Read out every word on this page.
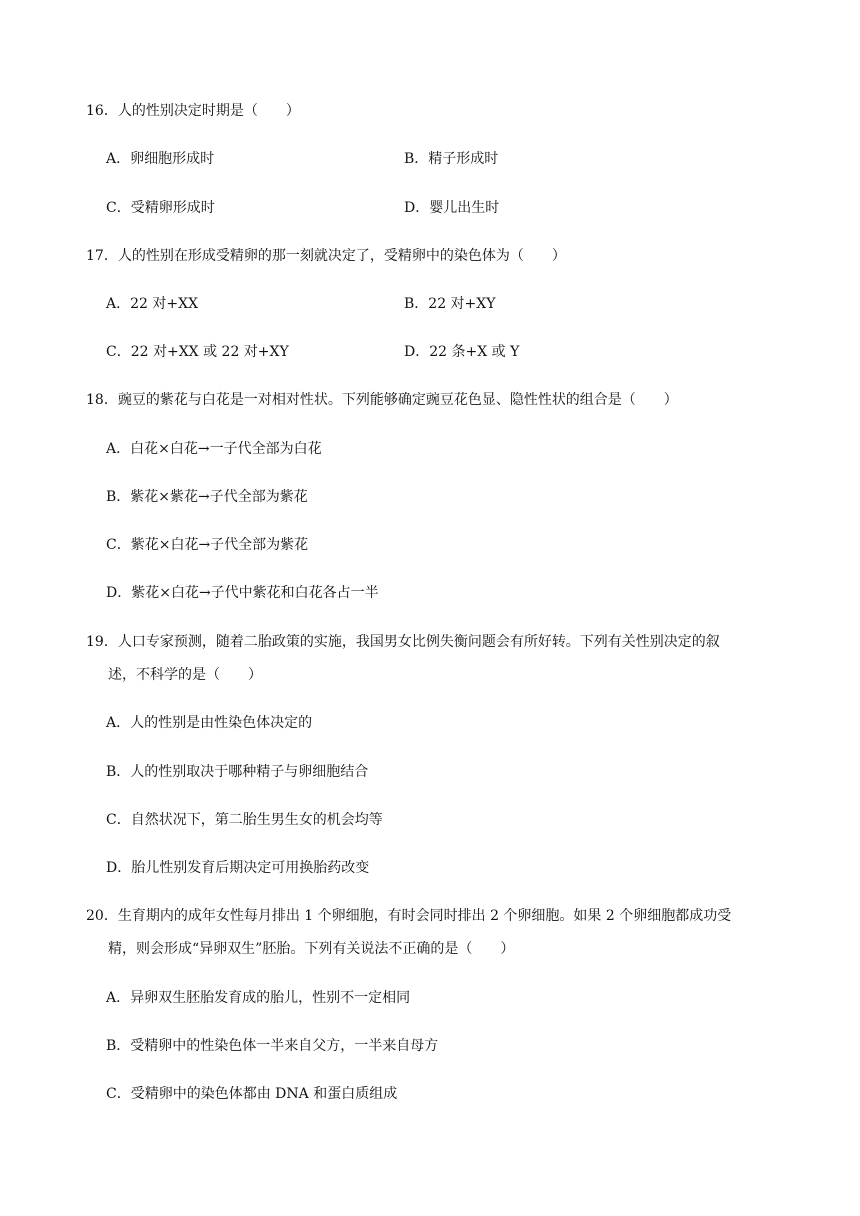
16．人的性别决定时期是（　　）
A．卵细胞形成时	B．精子形成时
C．受精卵形成时	D．婴儿出生时
17．人的性别在形成受精卵的那一刻就决定了，受精卵中的染色体为（　　）
A．22 对+XX	B．22 对+XY
C．22 对+XX 或 22 对+XY	D．22 条+X 或 Y
18．豌豆的紫花与白花是一对相对性状。下列能够确定豌豆花色显、隐性性状的组合是（　　）
A．白花×白花→一子代全部为白花
B．紫花×紫花→子代全部为紫花
C．紫花×白花→子代全部为紫花
D．紫花×白花→子代中紫花和白花各占一半
19．人口专家预测，随着二胎政策的实施，我国男女比例失衡问题会有所好转。下列有关性别决定的叙
述，不科学的是（　　）
A．人的性别是由性染色体决定的
B．人的性别取决于哪种精子与卵细胞结合
C．自然状况下，第二胎生男生女的机会均等
D．胎儿性别发育后期决定可用换胎药改变
20．生育期内的成年女性每月排出 1 个卵细胞，有时会同时排出 2 个卵细胞。如果 2 个卵细胞都成功受
精，则会形成“异卵双生”胚胎。下列有关说法不正确的是（　　）
A．异卵双生胚胎发育成的胎儿，性别不一定相同
B．受精卵中的性染色体一半来自父方，一半来自母方
C．受精卵中的染色体都由 DNA 和蛋白质组成
